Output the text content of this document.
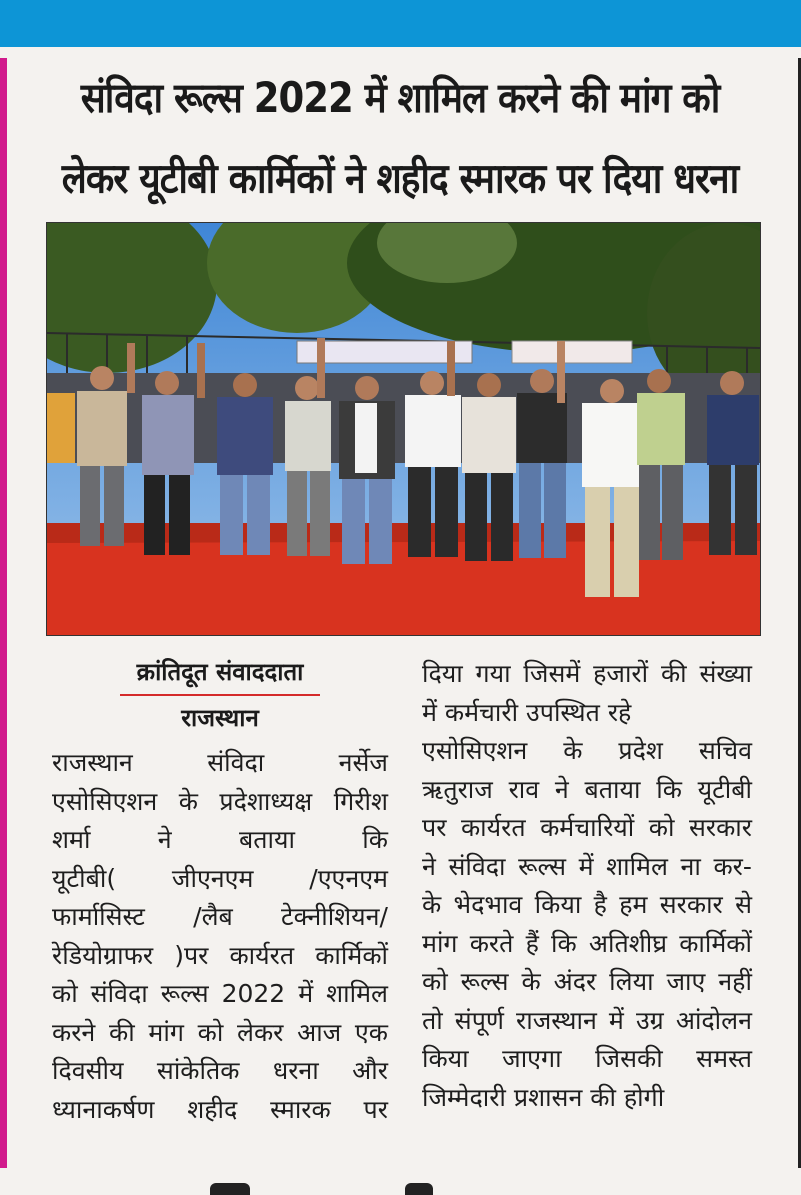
संविदा रूल्स 2022 में शामिल करने की मांग को
लेकर यूटीबी कार्मिकों ने शहीद स्मारक पर दिया धरना
क्रांतिदूत संवाददाता
राजस्थान
राजस्थान	संविदा	नर्सेज
एसोसिएशन के प्रदेशाध्यक्ष गिरीश
शर्मा	ने	बताया	कि
यूटीबी( जीएनएम /एएनएम
फार्मासिस्ट /लैब टेक्नीशियन/
रेडियोग्राफर )पर कार्यरत कार्मिकों
को संविदा रूल्स 2022 में शामिल
करने की मांग को लेकर आज एक
दिवसीय सांकेतिक धरना और
ध्यानाकर्षण शहीद स्मारक पर
दिया गया जिसमें हजारों की संख्या
में कर्मचारी उपस्थित रहे
एसोसिएशन के प्रदेश सचिव
ऋतुराज राव ने बताया कि यूटीबी
पर कार्यरत कर्मचारियों को सरकार
ने संविदा रूल्स में शामिल ना कर-
के भेदभाव किया है हम सरकार से
मांग करते हैं कि अतिशीघ्र कार्मिकों
को रूल्स के अंदर लिया जाए नहीं
तो संपूर्ण राजस्थान में उग्र आंदोलन
किया जाएगा जिसकी समस्त
जिम्मेदारी प्रशासन की होगी
